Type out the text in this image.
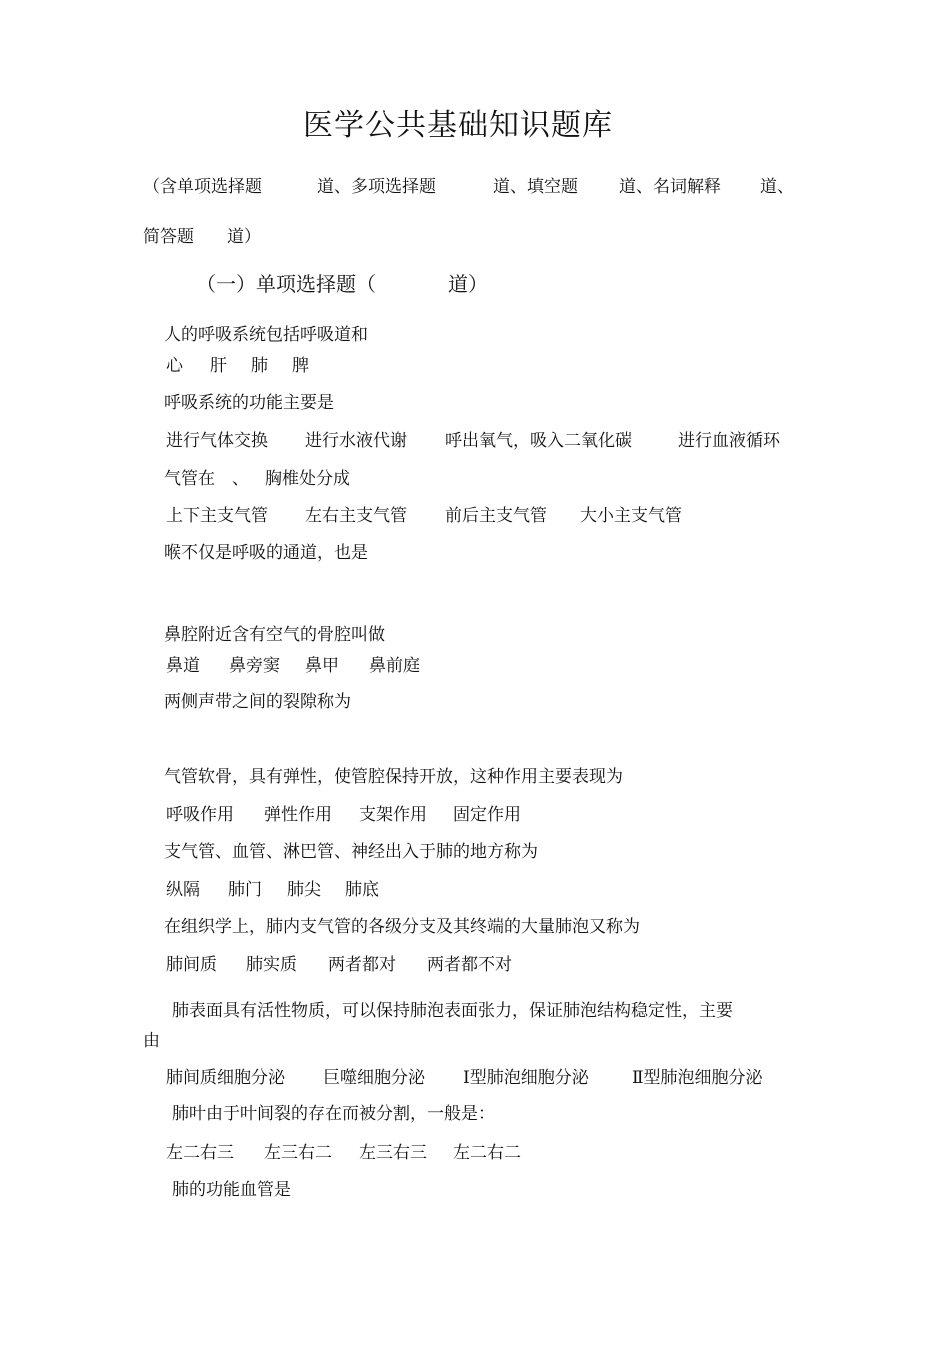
医学公共基础知识题库
（含单项选择题	道、多项选择题	道、填空题 道、名词解释 道、
简答题 道）
（一）单项选择题（	道）
人的呼吸系统包括呼吸道和
心 肝 肺 脾
呼吸系统的功能主要是
进行气体交换 进行水液代谢 呼出氧气，吸入二氧化碳	进行血液循环
气管在 、 胸椎处分成
上下主支气管 左右主支气管 前后主支气管 大小主支气管
喉不仅是呼吸的通道，也是
鼻腔附近含有空气的骨腔叫做
鼻道 鼻旁窦 鼻甲 鼻前庭
两侧声带之间的裂隙称为
气管软骨，具有弹性，使管腔保持开放，这种作用主要表现为
呼吸作用 弹性作用 支架作用 固定作用
支气管、血管、淋巴管、神经出入于肺的地方称为
纵隔 肺门 肺尖 肺底
在组织学上，肺内支气管的各级分支及其终端的大量肺泡又称为
肺间质 肺实质 两者都对 两者都不对
肺表面具有活性物质，可以保持肺泡表面张力，保证肺泡结构稳定性，主要
由
肺间质细胞分泌 巨噬细胞分泌 Ⅰ型肺泡细胞分泌	Ⅱ型肺泡细胞分泌
肺叶由于叶间裂的存在而被分割，一般是：
左二右三 左三右二 左三右三 左二右二
肺的功能血管是
